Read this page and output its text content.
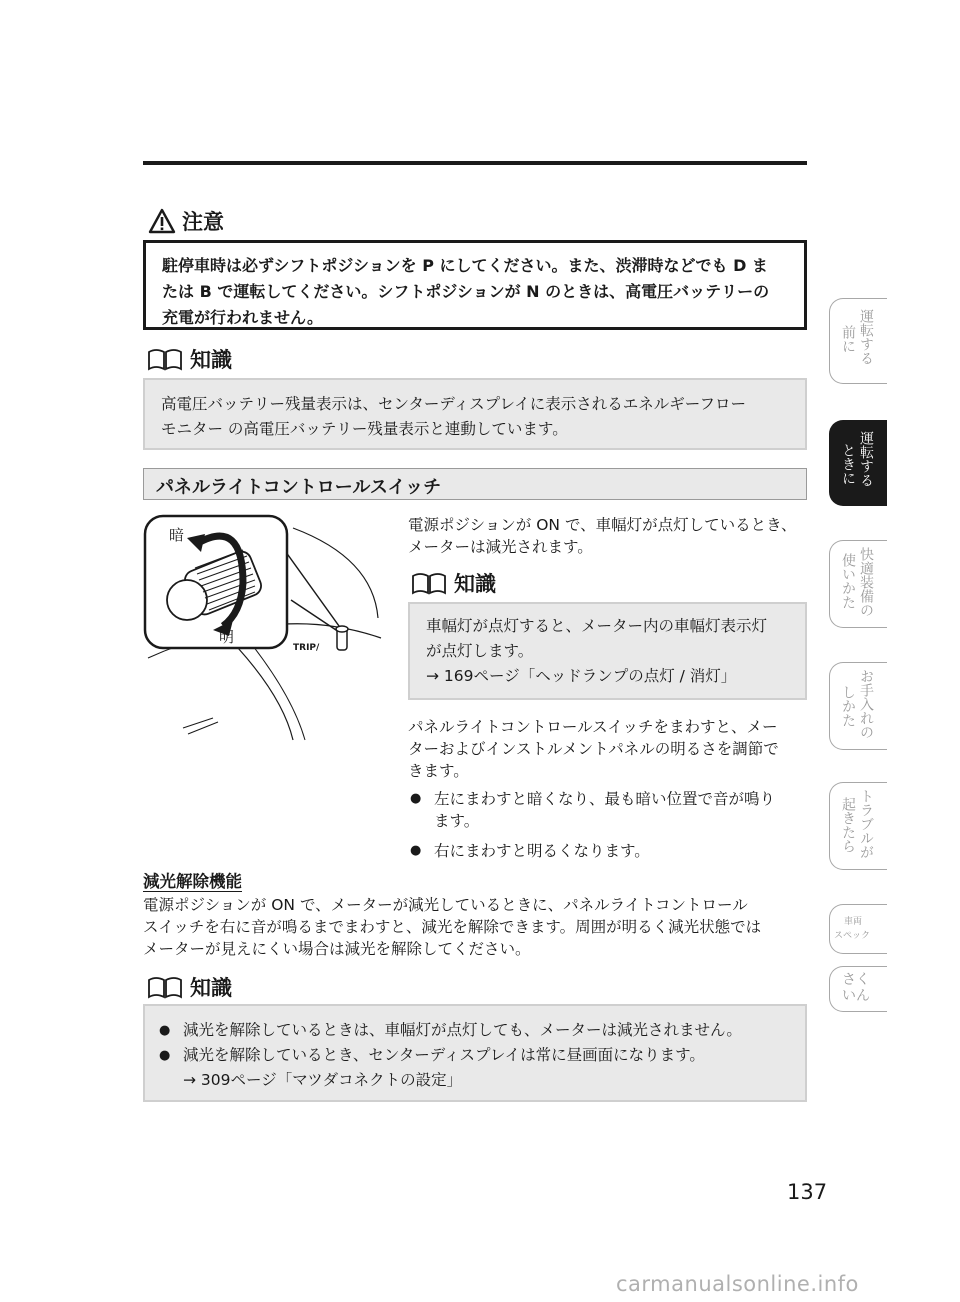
注意
駐停車時は必ずシフトポジションを P にしてください。また、渋滞時などでも D ま
たは B で運転してください。シフトポジションが N のときは、高電圧バッテリーの
充電が行われません。
知識
高電圧バッテリー残量表示は、センターディスプレイに表示されるエネルギーフロー
モニター の高電圧バッテリー残量表示と連動しています。
パネルライトコントロールスイッチ
暗
明
TRIP/
電源ポジションが ON で、車幅灯が点灯しているとき、
メーターは減光されます。
知識
車幅灯が点灯すると、メーター内の車幅灯表示灯
が点灯します。
→ 169ページ「ヘッドランプの点灯 / 消灯」
パネルライトコントロールスイッチをまわすと、メー
ターおよびインストルメントパネルの明るさを調節で
きます。
● 左にまわすと暗くなり、最も暗い位置で音が鳴り
ます。
● 右にまわすと明るくなります。
減光解除機能
電源ポジションが ON で、メーターが減光しているときに、パネルライトコントロール
スイッチを右に音が鳴るまでまわすと、減光を解除できます。周囲が明るく減光状態では
メーターが見えにくい場合は減光を解除してください。
知識
● 減光を解除しているときは、車幅灯が点灯しても、メーターは減光されません。
● 減光を解除しているとき、センターディスプレイは常に昼画面になります。
→ 309ページ「マツダコネクトの設定」
運転する
前に
運転する
ときに
快適装備の
使いかた
お手入れの
しかた
トラブルが
起きたら
車両
スペック
さく
いん
137
carmanualsonline.info
